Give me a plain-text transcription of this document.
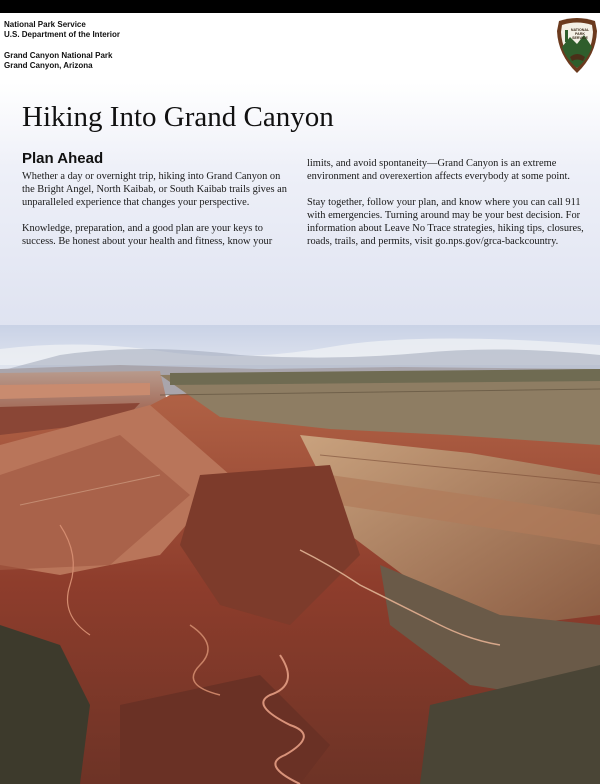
National Park Service
U.S. Department of the Interior
Grand Canyon National Park
Grand Canyon, Arizona
NATIONAL
PARK
SERVICE
Hiking Into Grand Canyon
Plan Ahead

Whether a day or overnight trip, hiking into Grand Canyon on the Bright Angel, North Kaibab, or South Kaibab trails gives an unparalleled experience that changes your perspective.

Knowledge, preparation, and a good plan are your keys to success. Be honest about your health and fitness, know your

limits, and avoid spontaneity—Grand Canyon is an extreme environment and overexertion affects everybody at some point.

Stay together, follow your plan, and know where you can call 911 with emergencies. Turning around may be your best decision. For information about Leave No Trace strategies, hiking tips, closures, roads, trails, and permits, visit go.nps.gov/grca-backcountry.
